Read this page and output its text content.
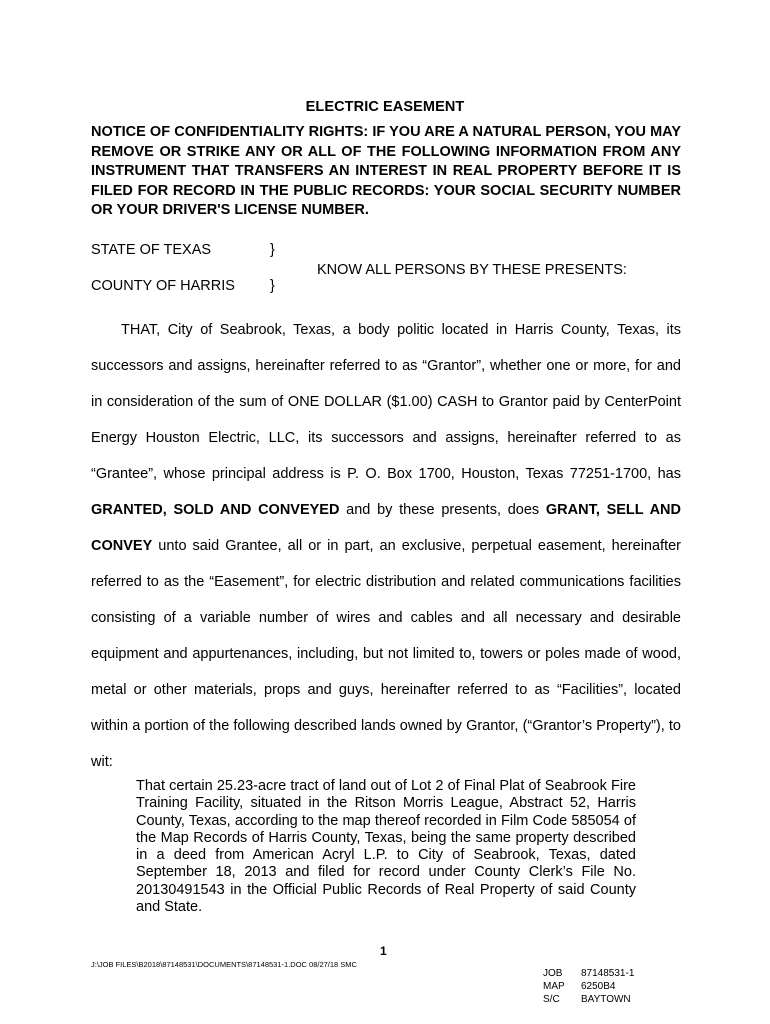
ELECTRIC EASEMENT
NOTICE OF CONFIDENTIALITY RIGHTS: IF YOU ARE A NATURAL PERSON, YOU MAY REMOVE OR STRIKE ANY OR ALL OF THE FOLLOWING INFORMATION FROM ANY INSTRUMENT THAT TRANSFERS AN INTEREST IN REAL PROPERTY BEFORE IT IS FILED FOR RECORD IN THE PUBLIC RECORDS: YOUR SOCIAL SECURITY NUMBER OR YOUR DRIVER'S LICENSE NUMBER.
STATE OF TEXAS	}
KNOW ALL PERSONS BY THESE PRESENTS:
COUNTY OF HARRIS }
THAT, City of Seabrook, Texas, a body politic located in Harris County, Texas, its successors and assigns, hereinafter referred to as “Grantor”, whether one or more, for and in consideration of the sum of ONE DOLLAR ($1.00) CASH to Grantor paid by CenterPoint Energy Houston Electric, LLC, its successors and assigns, hereinafter referred to as “Grantee”, whose principal address is P. O. Box 1700, Houston, Texas 77251-1700, has GRANTED, SOLD AND CONVEYED and by these presents, does GRANT, SELL AND CONVEY unto said Grantee, all or in part, an exclusive, perpetual easement, hereinafter referred to as the “Easement”, for electric distribution and related communications facilities consisting of a variable number of wires and cables and all necessary and desirable equipment and appurtenances, including, but not limited to, towers or poles made of wood, metal or other materials, props and guys, hereinafter referred to as “Facilities”, located within a portion of the following described lands owned by Grantor, (“Grantor’s Property”), to wit:
That certain 25.23-acre tract of land out of Lot 2 of Final Plat of Seabrook Fire Training Facility, situated in the Ritson Morris League, Abstract 52, Harris County, Texas, according to the map thereof recorded in Film Code 585054 of the Map Records of Harris County, Texas, being the same property described in a deed from American Acryl L.P. to City of Seabrook, Texas, dated September 18, 2013 and filed for record under County Clerk’s File No. 20130491543 in the Official Public Records of Real Property of said County and State.
1
J:\JOB FILES\B2018\87148531\DOCUMENTS\87148531-1.DOC 08/27/18 SMC
JOB 87148531-1
MAP 6250B4
S/C BAYTOWN
